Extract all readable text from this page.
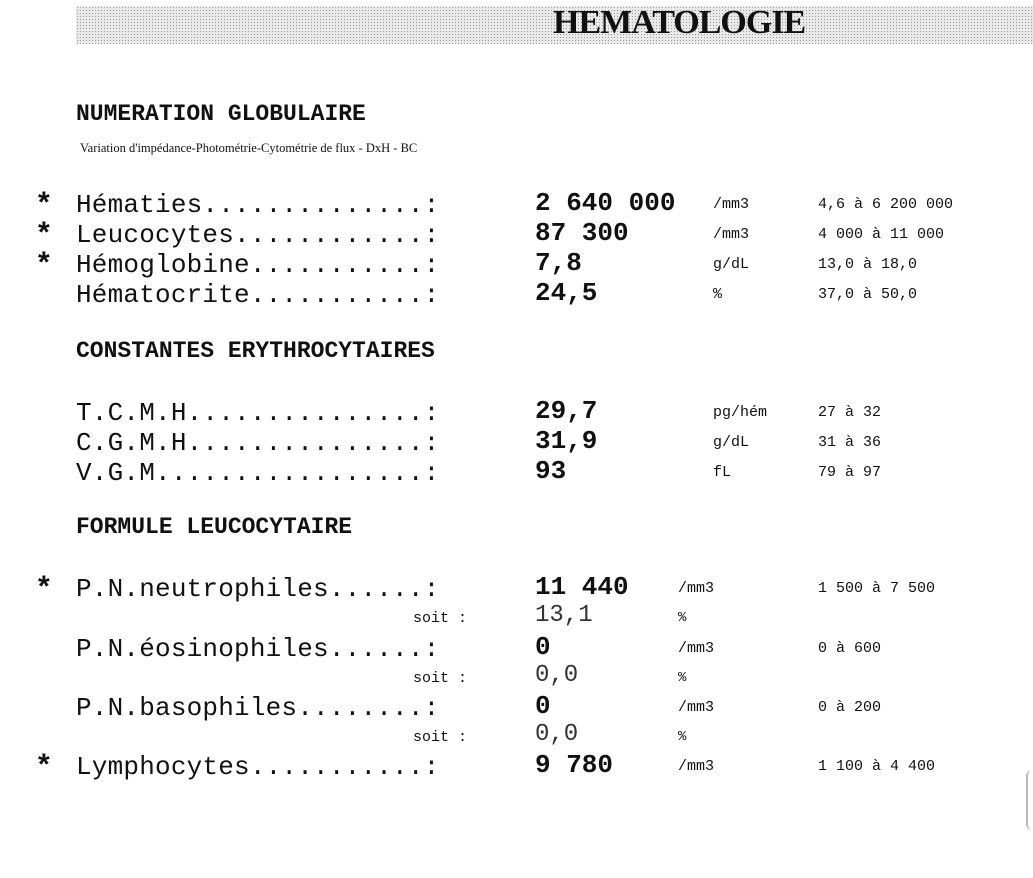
HEMATOLOGIE
NUMERATION GLOBULAIRE
Variation d'impédance-Photométrie-Cytométrie de flux - DxH - BC
* Hématies..............:	2 640 000	/mm3	4,6 à 6 200 000
* Leucocytes............:	87 300	/mm3	4 000 à 11 000
* Hémoglobine...........:	7,8	g/dL	13,0 à 18,0
Hématocrite...........:	24,5	%	37,0 à 50,0
CONSTANTES ERYTHROCYTAIRES
T.C.M.H...............:	29,7	pg/hém	27 à 32
C.G.M.H...............:	31,9	g/dL	31 à 36
V.G.M.................:	93	fL	79 à 97
FORMULE LEUCOCYTAIRE
* P.N.neutrophiles......:	11 440	/mm3	1 500 à 7 500
soit :	13,1	%
P.N.éosinophiles......:	0	/mm3	0 à 600
soit :	0,0	%
P.N.basophiles........:	0	/mm3	0 à 200
soit :	0,0	%
* Lymphocytes...........:	9 780	/mm3	1 100 à 4 400
